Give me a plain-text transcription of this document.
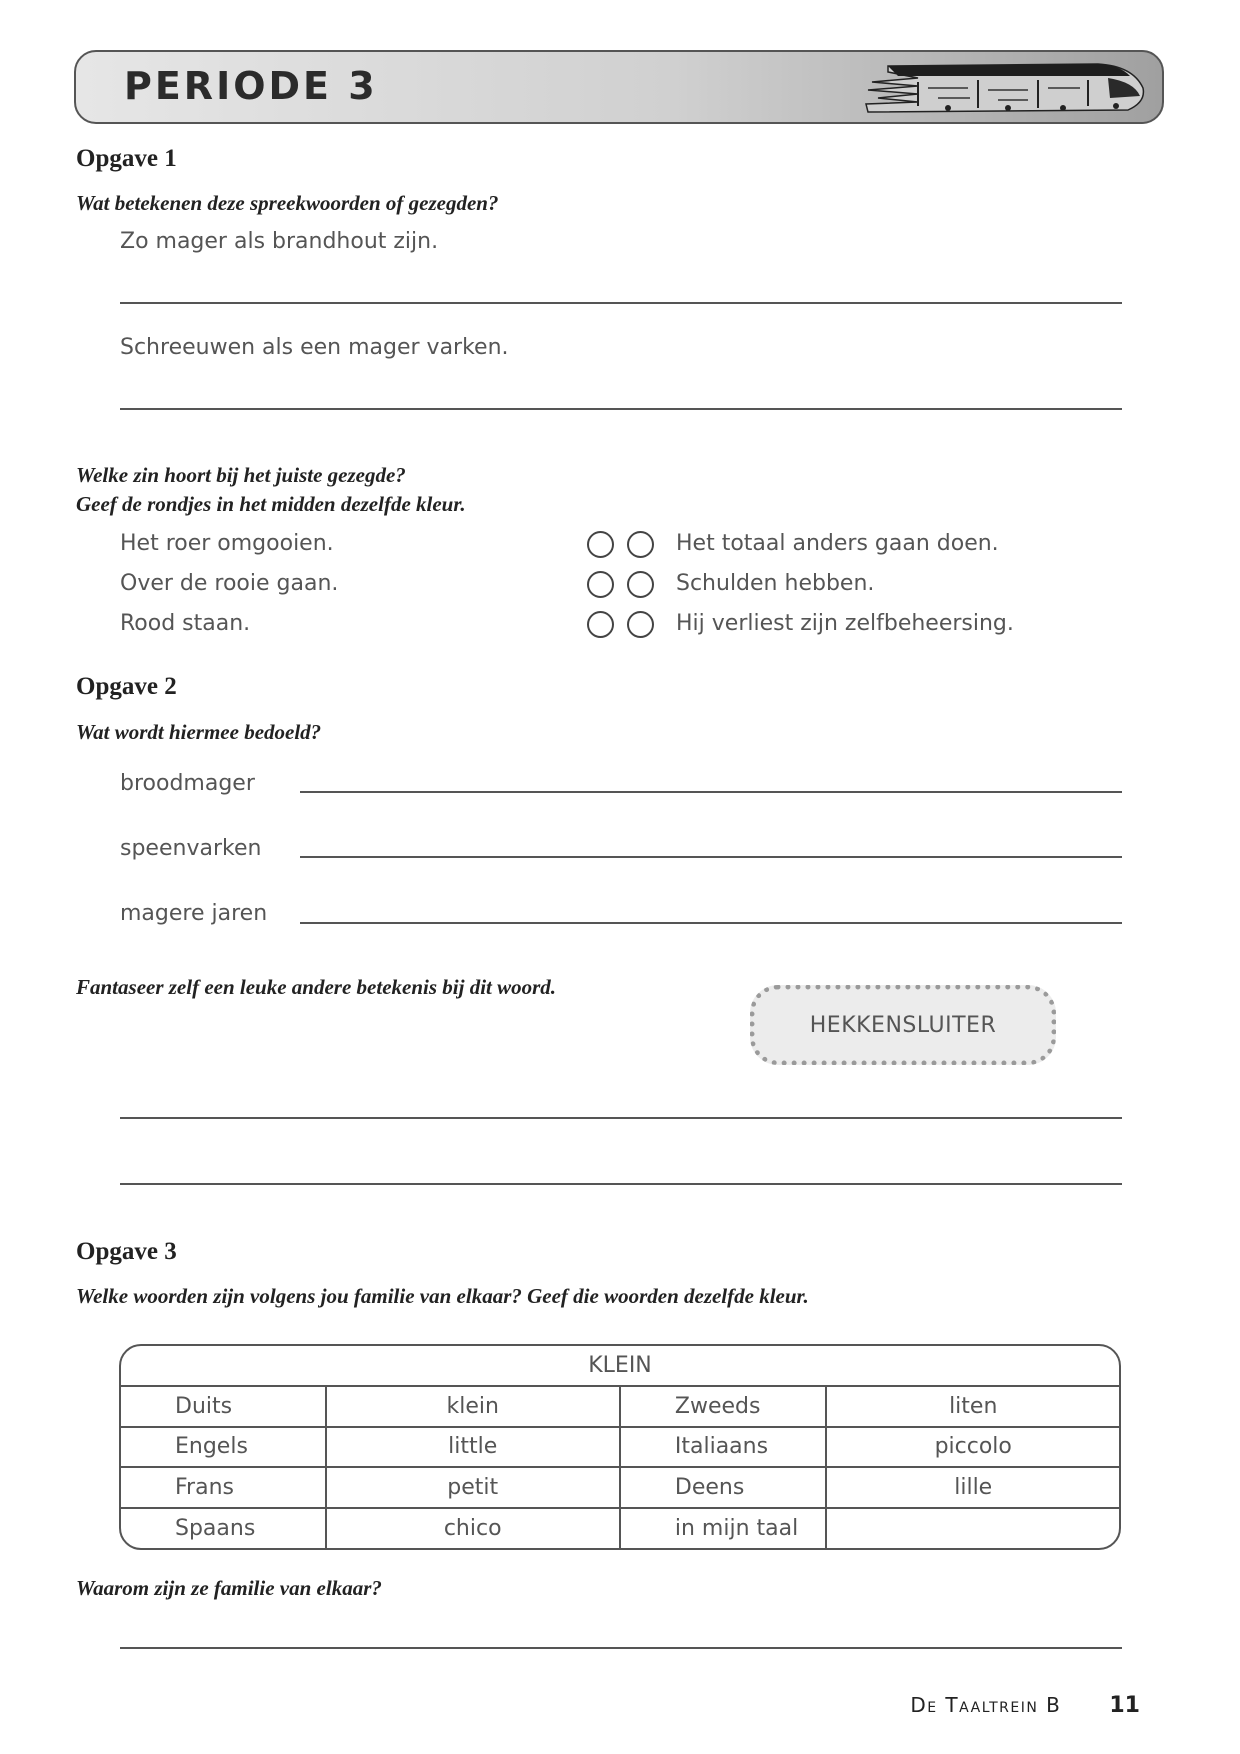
PERIODE 3
Opgave 1
Wat betekenen deze spreekwoorden of gezegden?
Zo mager als brandhout zijn.
Schreeuwen als een mager varken.
Welke zin hoort bij het juiste gezegde?
Geef de rondjes in het midden dezelfde kleur.
Het roer omgooien.
Over de rooie gaan.
Rood staan.
Het totaal anders gaan doen.
Schulden hebben.
Hij verliest zijn zelfbeheersing.
Opgave 2
Wat wordt hiermee bedoeld?
broodmager
speenvarken
magere jaren
Fantaseer zelf een leuke andere betekenis bij dit woord.
HEKKENSLUITER
Opgave 3
Welke woorden zijn volgens jou familie van elkaar? Geef die woorden dezelfde kleur.
KLEIN			
Duits	klein	Zweeds	liten
Engels	little	Italiaans	piccolo
Frans	petit	Deens	lille
Spaans	chico	in mijn taal	
Waarom zijn ze familie van elkaar?
De Taaltrein B 11
